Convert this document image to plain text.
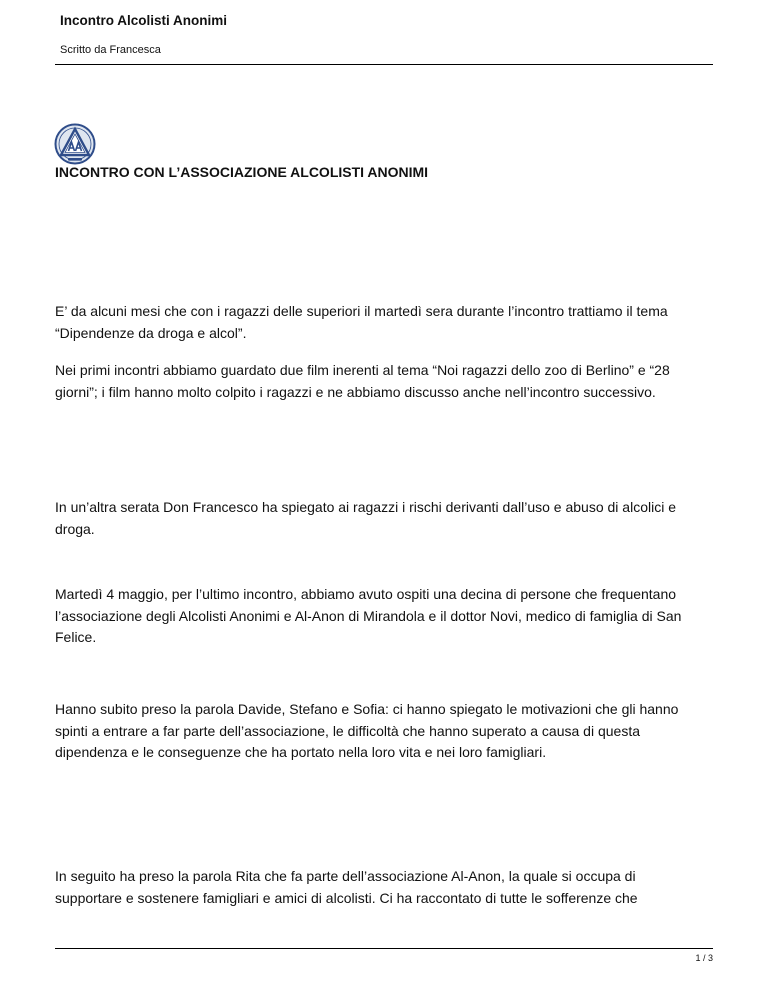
Incontro Alcolisti Anonimi
Scritto da Francesca
INCONTRO CON L’ASSOCIAZIONE ALCOLISTI ANONIMI
E’ da alcuni mesi che con i ragazzi delle superiori il martedì sera durante l’incontro trattiamo il tema “Dipendenze da droga e alcol”.
Nei primi incontri abbiamo guardato due film inerenti al tema “Noi ragazzi dello zoo di Berlino” e “28 giorni”; i film hanno molto colpito i ragazzi e ne abbiamo discusso anche nell’incontro successivo.
In un’altra serata Don Francesco ha spiegato ai ragazzi i rischi derivanti dall’uso e abuso di alcolici e droga.
Martedì 4 maggio, per l’ultimo incontro, abbiamo avuto ospiti una decina di persone che frequentano l’associazione degli Alcolisti Anonimi e Al-Anon di Mirandola e il dottor Novi, medico di famiglia di San Felice.
Hanno subito preso la parola Davide, Stefano e Sofia: ci hanno spiegato le motivazioni che gli hanno spinti a entrare a far parte dell’associazione, le difficoltà che hanno superato a causa di questa dipendenza e le conseguenze che ha portato nella loro vita e nei loro famigliari.
In seguito ha preso la parola Rita che fa parte dell’associazione Al-Anon, la quale si occupa di supportare e sostenere famigliari e amici di alcolisti. Ci ha raccontato di tutte le sofferenze che
1 / 3
